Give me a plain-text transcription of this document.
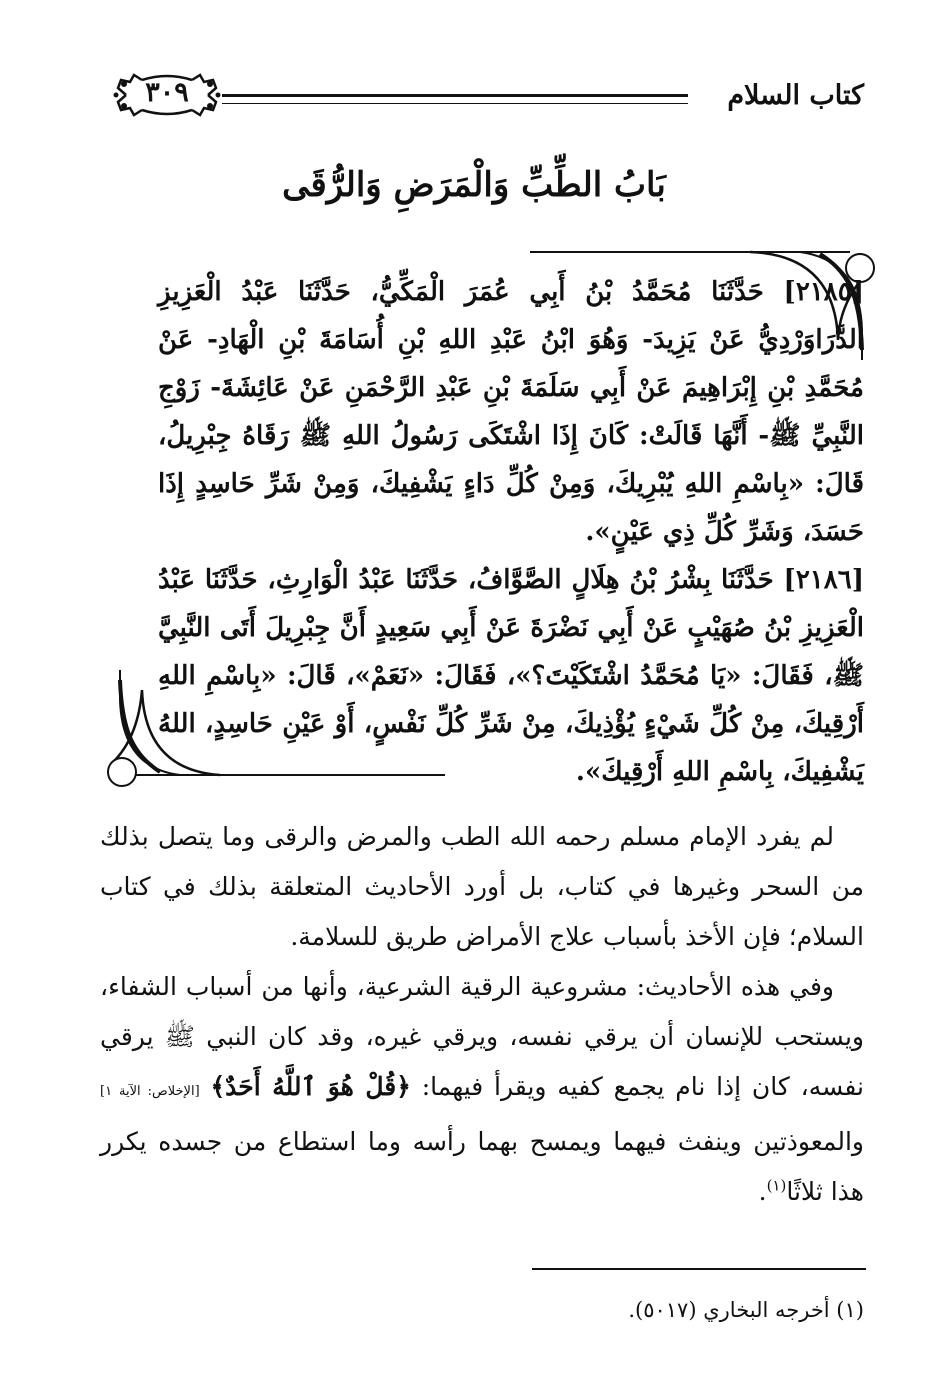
كتاب السلام
٣٠٩
بَابُ الطِّبِّ وَالْمَرَضِ وَالرُّقَى

[٢١٨٥] حَدَّثَنَا مُحَمَّدُ بْنُ أَبِي عُمَرَ الْمَكِّيُّ، حَدَّثَنَا عَبْدُ الْعَزِيزِ الدَّرَاوَرْدِيُّ عَنْ يَزِيدَ- وَهُوَ ابْنُ عَبْدِ اللهِ بْنِ أُسَامَةَ بْنِ الْهَادِ- عَنْ مُحَمَّدِ بْنِ إِبْرَاهِيمَ عَنْ أَبِي سَلَمَةَ بْنِ عَبْدِ الرَّحْمَنِ عَنْ عَائِشَةَ- زَوْجِ النَّبِيِّ ﷺ- أَنَّهَا قَالَتْ: كَانَ إِذَا اشْتَكَى رَسُولُ اللهِ ﷺ رَقَاهُ جِبْرِيلُ، قَالَ: «بِاسْمِ اللهِ يُبْرِيكَ، وَمِنْ كُلِّ دَاءٍ يَشْفِيكَ، وَمِنْ شَرِّ حَاسِدٍ إِذَا حَسَدَ، وَشَرِّ كُلِّ ذِي عَيْنٍ».

[٢١٨٦] حَدَّثَنَا بِشْرُ بْنُ هِلَالٍ الصَّوَّافُ، حَدَّثَنَا عَبْدُ الْوَارِثِ، حَدَّثَنَا عَبْدُ الْعَزِيزِ بْنُ صُهَيْبٍ عَنْ أَبِي نَضْرَةَ عَنْ أَبِي سَعِيدٍ أَنَّ جِبْرِيلَ أَتَى النَّبِيَّ ﷺ، فَقَالَ: «يَا مُحَمَّدُ اشْتَكَيْتَ؟»، فَقَالَ: «نَعَمْ»، قَالَ: «بِاسْمِ اللهِ أَرْقِيكَ، مِنْ كُلِّ شَيْءٍ يُؤْذِيكَ، مِنْ شَرِّ كُلِّ نَفْسٍ، أَوْ عَيْنِ حَاسِدٍ، اللهُ يَشْفِيكَ، بِاسْمِ اللهِ أَرْقِيكَ».

لم يفرد الإمام مسلم رحمه الله الطب والمرض والرقى وما يتصل بذلك من السحر وغيرها في كتاب، بل أورد الأحاديث المتعلقة بذلك في كتاب السلام؛ فإن الأخذ بأسباب علاج الأمراض طريق للسلامة.

وفي هذه الأحاديث: مشروعية الرقية الشرعية، وأنها من أسباب الشفاء، ويستحب للإنسان أن يرقي نفسه، ويرقي غيره، وقد كان النبي ﷺ يرقي نفسه، كان إذا نام يجمع كفيه ويقرأ فيهما: ﴿قُلْ هُوَ ٱللَّهُ أَحَدٌ﴾ [الإخلاص: الآية ١] والمعوذتين وينفث فيهما ويمسح بهما رأسه وما استطاع من جسده يكرر هذا ثلاثًا$^{(١)}$.

(١) أخرجه البخاري (٥٠١٧).
